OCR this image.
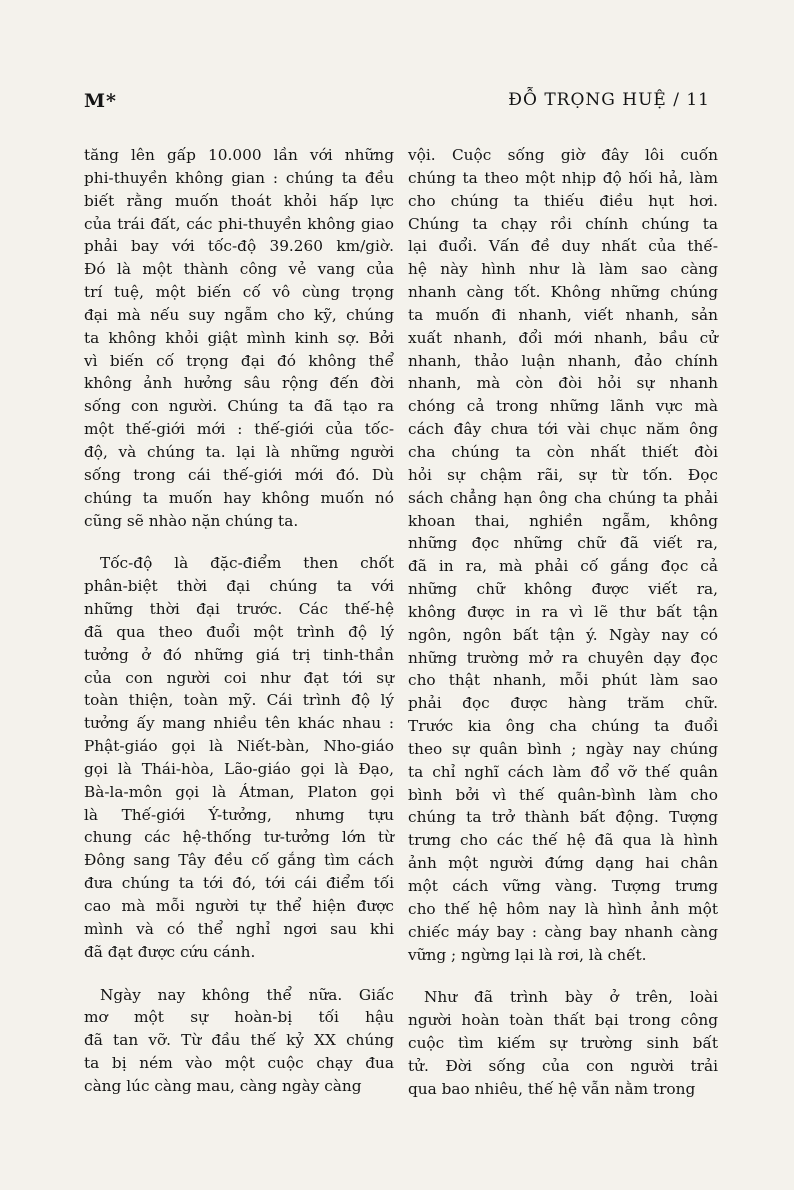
M*	ĐỖ TRỌNG HUỆ / 11
tăng lên gấp 10.000 lần với những
phi-thuyền không gian : chúng ta đều
biết rằng muốn thoát khỏi hấp lực
của trái đất, các phi-thuyền không giao
phải bay với tốc-độ 39.260 km/giờ.
Đó là một thành công vẻ vang của
trí tuệ, một biến cố vô cùng trọng
đại mà nếu suy ngẫm cho kỹ, chúng
ta không khỏi giật mình kinh sợ. Bởi
vì biến cố trọng đại đó không thể
không ảnh hưởng sâu rộng đến đời
sống con người. Chúng ta đã tạo ra
một thế-giới mới : thế-giới của tốc-
độ, và chúng ta. lại là những người
sống trong cái thế-giới mới đó. Dù
chúng ta muốn hay không muốn nó
cũng sẽ nhào nặn chúng ta.
Tốc-độ là đặc-điểm then chốt
phân-biệt thời đại chúng ta với
những thời đại trước. Các thế-hệ
đã qua theo đuổi một trình độ lý
tưởng ở đó những giá trị tinh-thần
của con người coi như đạt tới sự
toàn thiện, toàn mỹ. Cái trình độ lý
tưởng ấy mang nhiều tên khác nhau :
Phật-giáo gọi là Niết-bàn, Nho-giáo
gọi là Thái-hòa, Lão-giáo gọi là Đạo,
Bà-la-môn gọi là Átman, Platon gọi
là Thế-giới Ý-tưởng, nhưng tựu
chung các hệ-thống tư-tưởng lớn từ
Đông sang Tây đều cố gắng tìm cách
đưa chúng ta tới đó, tới cái điểm tối
cao mà mỗi người tự thể hiện được
mình và có thể nghỉ ngơi sau khi
đã đạt được cứu cánh.
Ngày nay không thể nữa. Giấc
mơ một sự hoàn-bị tối hậu
đã tan vỡ. Từ đầu thế kỷ XX chúng
ta bị ném vào một cuộc chạy đua
càng lúc càng mau, càng ngày càng
vội. Cuộc sống giờ đây lôi cuốn
chúng ta theo một nhịp độ hối hả, làm
cho chúng ta thiếu điều hụt hơi.
Chúng ta chạy rồi chính chúng ta
lại đuổi. Vấn đề duy nhất của thế-
hệ này hình như là làm sao càng
nhanh càng tốt. Không những chúng
ta muốn đi nhanh, viết nhanh, sản
xuất nhanh, đổi mới nhanh, bầu cử
nhanh, thảo luận nhanh, đảo chính
nhanh, mà còn đòi hỏi sự nhanh
chóng cả trong những lãnh vực mà
cách đây chưa tới vài chục năm ông
cha chúng ta còn nhất thiết đòi
hỏi sự chậm rãi, sự từ tốn. Đọc
sách chẳng hạn ông cha chúng ta phải
khoan thai, nghiền ngẫm, không
những đọc những chữ đã viết ra,
đã in ra, mà phải cố gắng đọc cả
những chữ không được viết ra,
không được in ra vì lẽ thư bất tận
ngôn, ngôn bất tận ý. Ngày nay có
những trường mở ra chuyên dạy đọc
cho thật nhanh, mỗi phút làm sao
phải đọc được hàng trăm chữ.
Trước kia ông cha chúng ta đuổi
theo sự quân bình ; ngày nay chúng
ta chỉ nghĩ cách làm đổ vỡ thế quân
bình bởi vì thế quân-bình làm cho
chúng ta trở thành bất động. Tượng
trưng cho các thế hệ đã qua là hình
ảnh một người đứng dạng hai chân
một cách vững vàng. Tượng trưng
cho thế hệ hôm nay là hình ảnh một
chiếc máy bay : càng bay nhanh càng
vững ; ngừng lại là rơi, là chết.
Như đã trình bày ở trên, loài
người hoàn toàn thất bại trong công
cuộc tìm kiếm sự trường sinh bất
tử. Đời sống của con người trải
qua bao nhiêu, thế hệ vẫn nằm trong
